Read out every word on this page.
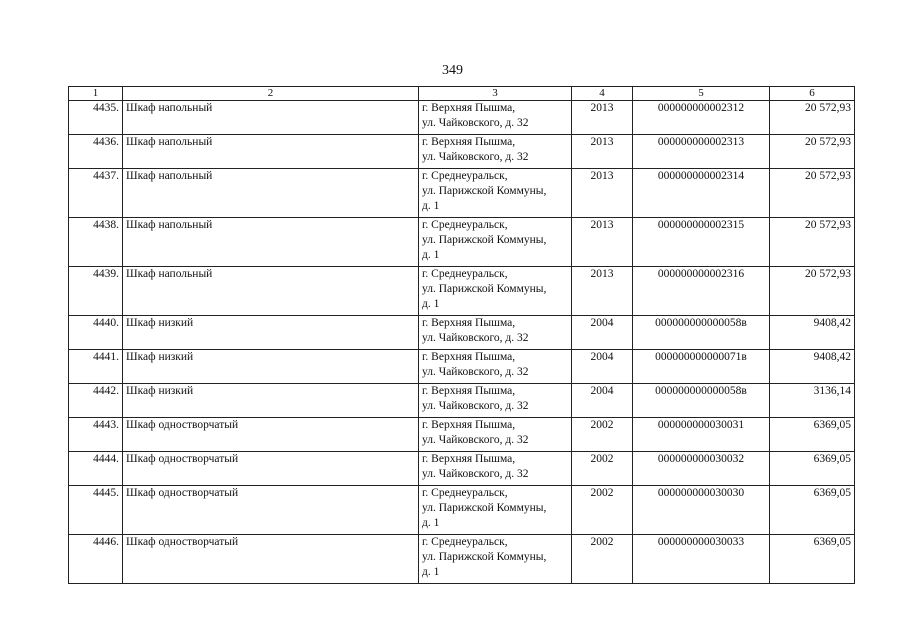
349
1	2	3	4	5	6
4435.	Шкаф напольный	г. Верхняя Пышма,
ул. Чайковского, д. 32	2013	000000000002312	20 572,93
4436.	Шкаф напольный	г. Верхняя Пышма,
ул. Чайковского, д. 32	2013	000000000002313	20 572,93
4437.	Шкаф напольный	г. Среднеуральск,
ул. Парижской Коммуны,
д. 1	2013	000000000002314	20 572,93
4438.	Шкаф напольный	г. Среднеуральск,
ул. Парижской Коммуны,
д. 1	2013	000000000002315	20 572,93
4439.	Шкаф напольный	г. Среднеуральск,
ул. Парижской Коммуны,
д. 1	2013	000000000002316	20 572,93
4440.	Шкаф низкий	г. Верхняя Пышма,
ул. Чайковского, д. 32	2004	000000000000058в	9408,42
4441.	Шкаф низкий	г. Верхняя Пышма,
ул. Чайковского, д. 32	2004	000000000000071в	9408,42
4442.	Шкаф низкий	г. Верхняя Пышма,
ул. Чайковского, д. 32	2004	000000000000058в	3136,14
4443.	Шкаф одностворчатый	г. Верхняя Пышма,
ул. Чайковского, д. 32	2002	000000000030031	6369,05
4444.	Шкаф одностворчатый	г. Верхняя Пышма,
ул. Чайковского, д. 32	2002	000000000030032	6369,05
4445.	Шкаф одностворчатый	г. Среднеуральск,
ул. Парижской Коммуны,
д. 1	2002	000000000030030	6369,05
4446.	Шкаф одностворчатый	г. Среднеуральск,
ул. Парижской Коммуны,
д. 1	2002	000000000030033	6369,05
